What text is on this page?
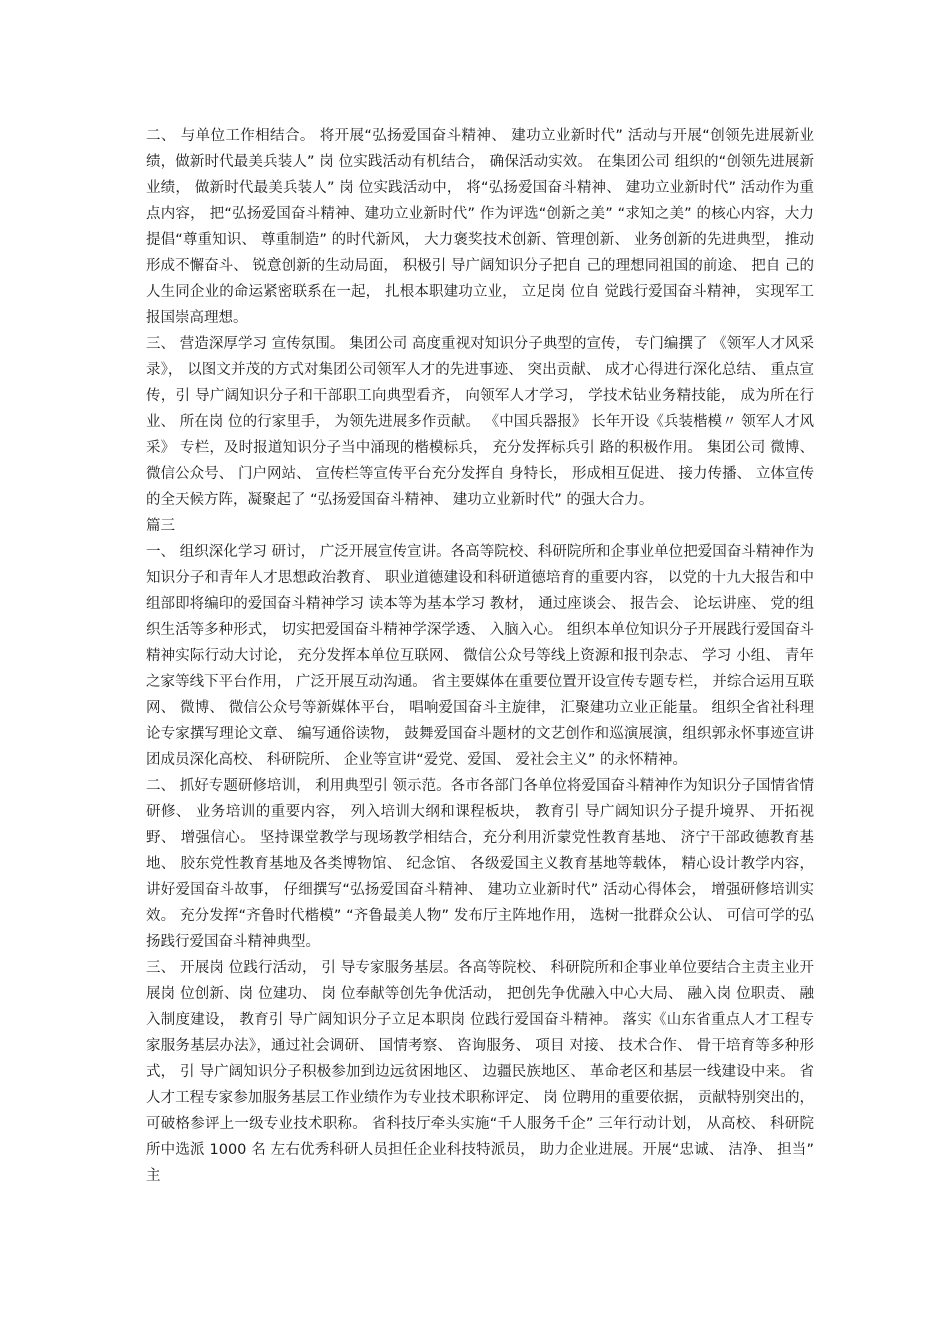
二、 与单位工作相结合。 将开展“弘扬爱国奋斗精神、 建功立业新时代” 活动与开展“创领先进展新业绩，做新时代最美兵装人” 岗 位实践活动有机结合， 确保活动实效。 在集团公司 组织的“创领先进展新业绩， 做新时代最美兵装人” 岗 位实践活动中， 将“弘扬爱国奋斗精神、 建功立业新时代” 活动作为重点内容， 把“弘扬爱国奋斗精神、建功立业新时代” 作为评选“创新之美” “求知之美” 的核心内容，大力提倡“尊重知识、 尊重制造” 的时代新风， 大力褒奖技术创新、管理创新、 业务创新的先进典型， 推动形成不懈奋斗、 锐意创新的生动局面， 积极引 导广阔知识分子把自 己的理想同祖国的前途、 把自 己的人生同企业的命运紧密联系在一起， 扎根本职建功立业， 立足岗 位自 觉践行爱国奋斗精神， 实现军工报国崇高理想。

三、 营造深厚学习 宣传氛围。 集团公司 高度重视对知识分子典型的宣传， 专门编撰了 《领军人才风采录》， 以图文并茂的方式对集团公司领军人才的先进事迹、 突出贡献、 成才心得进行深化总结、 重点宣传，引 导广阔知识分子和干部职工向典型看齐， 向领军人才学习， 学技术钻业务精技能， 成为所在行业、 所在岗 位的行家里手， 为领先进展多作贡献。 《中国兵器报》 长年开设《兵装楷模〃 领军人才风采》 专栏，及时报道知识分子当中涌现的楷模标兵， 充分发挥标兵引 路的积极作用。 集团公司 微博、 微信公众号、 门户网站、 宣传栏等宣传平台充分发挥自 身特长， 形成相互促进、 接力传播、 立体宣传的全天候方阵，凝聚起了 “弘扬爱国奋斗精神、 建功立业新时代” 的强大合力。

篇三

一、 组织深化学习 研讨， 广泛开展宣传宣讲。各高等院校、科研院所和企事业单位把爱国奋斗精神作为知识分子和青年人才思想政治教育、 职业道德建设和科研道德培育的重要内容， 以党的十九大报告和中组部即将编印的爱国奋斗精神学习 读本等为基本学习 教材， 通过座谈会、 报告会、 论坛讲座、 党的组织生活等多种形式， 切实把爱国奋斗精神学深学透、 入脑入心。 组织本单位知识分子开展践行爱国奋斗精神实际行动大讨论， 充分发挥本单位互联网、 微信公众号等线上资源和报刊杂志、 学习 小组、 青年之家等线下平台作用， 广泛开展互动沟通。 省主要媒体在重要位置开设宣传专题专栏， 并综合运用互联网、 微博、 微信公众号等新媒体平台， 唱响爱国奋斗主旋律， 汇聚建功立业正能量。 组织全省社科理论专家撰写理论文章、 编写通俗读物， 鼓舞爱国奋斗题材的文艺创作和巡演展演，组织郭永怀事迹宣讲团成员深化高校、 科研院所、 企业等宣讲“爱党、爱国、 爱社会主义” 的永怀精神。

二、 抓好专题研修培训， 利用典型引 领示范。各市各部门各单位将爱国奋斗精神作为知识分子国情省情研修、 业务培训的重要内容， 列入培训大纲和课程板块， 教育引 导广阔知识分子提升境界、 开拓视野、 增强信心。 坚持课堂教学与现场教学相结合，充分利用沂蒙党性教育基地、 济宁干部政德教育基地、 胶东党性教育基地及各类博物馆、 纪念馆、 各级爱国主义教育基地等载体， 精心设计教学内容， 讲好爱国奋斗故事， 仔细撰写“弘扬爱国奋斗精神、 建功立业新时代” 活动心得体会， 增强研修培训实效。 充分发挥“齐鲁时代楷模” “齐鲁最美人物” 发布厅主阵地作用， 选树一批群众公认、 可信可学的弘扬践行爱国奋斗精神典型。

三、 开展岗 位践行活动， 引 导专家服务基层。各高等院校、 科研院所和企事业单位要结合主责主业开展岗 位创新、岗 位建功、 岗 位奉献等创先争优活动， 把创先争优融入中心大局、 融入岗 位职责、 融入制度建设， 教育引 导广阔知识分子立足本职岗 位践行爱国奋斗精神。 落实《山东省重点人才工程专家服务基层办法》，通过社会调研、 国情考察、 咨询服务、 项目 对接、 技术合作、 骨干培育等多种形式， 引 导广阔知识分子积极参加到边远贫困地区、 边疆民族地区、 革命老区和基层一线建设中来。 省人才工程专家参加服务基层工作业绩作为专业技术职称评定、 岗 位聘用的重要依据， 贡献特别突出的， 可破格参评上一级专业技术职称。 省科技厅牵头实施“千人服务千企” 三年行动计划， 从高校、 科研院所中选派 1000 名 左右优秀科研人员担任企业科技特派员， 助力企业进展。开展“忠诚、 洁净、 担当” 主
